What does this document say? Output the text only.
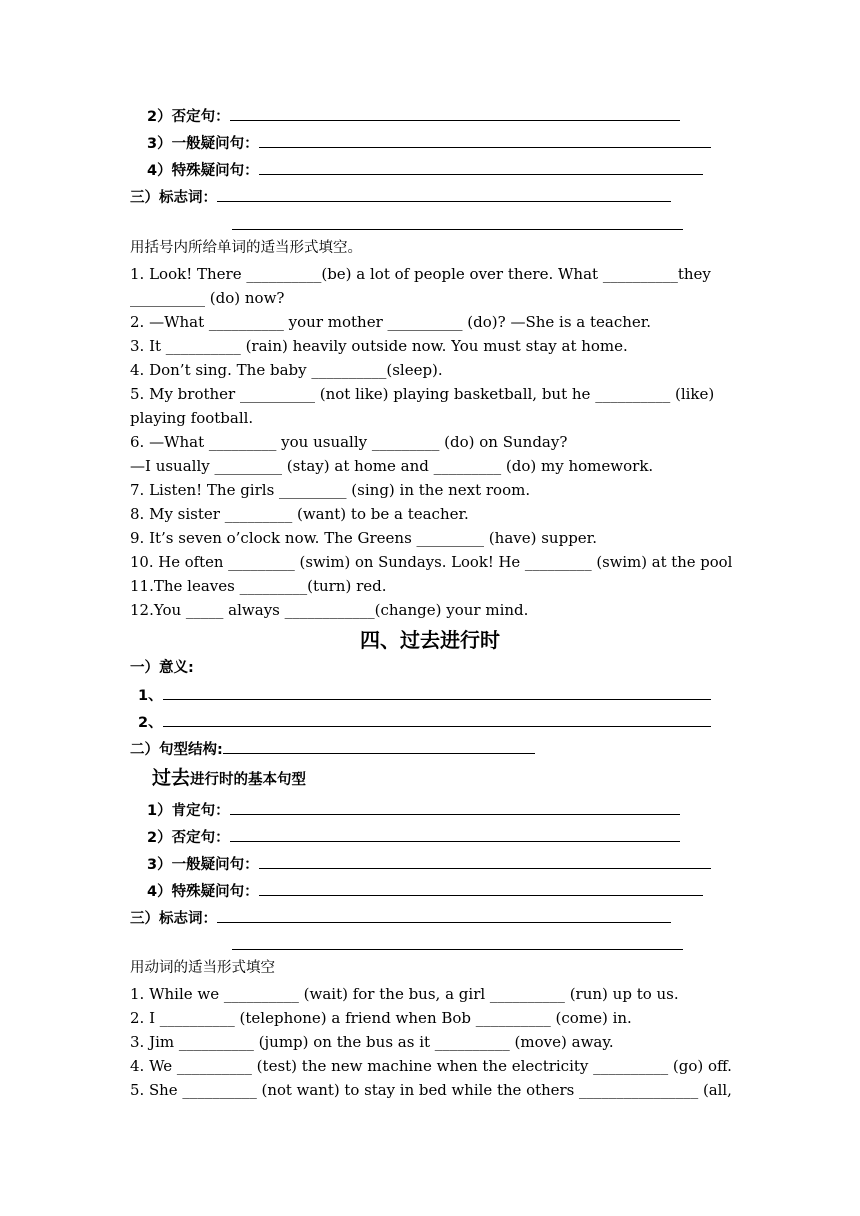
2）否定句：
3）一般疑问句：
4）特殊疑问句：
三）标志词：
用括号内所给单词的适当形式填空。
1. Look! There __________(be) a lot of people over there. What __________they
__________ (do) now?
2. —What __________ your mother __________ (do)? —She is a teacher.
3. It __________ (rain) heavily outside now. You must stay at home.
4. Don’t sing. The baby __________(sleep).
5. My brother __________ (not like) playing basketball, but he __________ (like)
playing football.
6. —What _________ you usually _________ (do) on Sunday?
—I usually _________ (stay) at home and _________ (do) my homework.
7. Listen! The girls _________ (sing) in the next room.
8. My sister _________ (want) to be a teacher.
9. It’s seven o’clock now. The Greens _________ (have) supper.
10. He often _________ (swim) on Sundays. Look! He _________ (swim) at the pool
11.The leaves _________(turn) red.
12.You _____ always ____________(change) your mind.
四、过去进行时
一）意义:
1、
2、
二）句型结构:
过去进行时的基本句型
1）肯定句：
2）否定句：
3）一般疑问句：
4）特殊疑问句：
三）标志词：
用动词的适当形式填空
1. While we __________ (wait) for the bus, a girl __________ (run) up to us.
2. I __________ (telephone) a friend when Bob __________ (come) in.
3. Jim __________ (jump) on the bus as it __________ (move) away.
4. We __________ (test) the new machine when the electricity __________ (go) off.
5. She __________ (not want) to stay in bed while the others ________________ (all,
